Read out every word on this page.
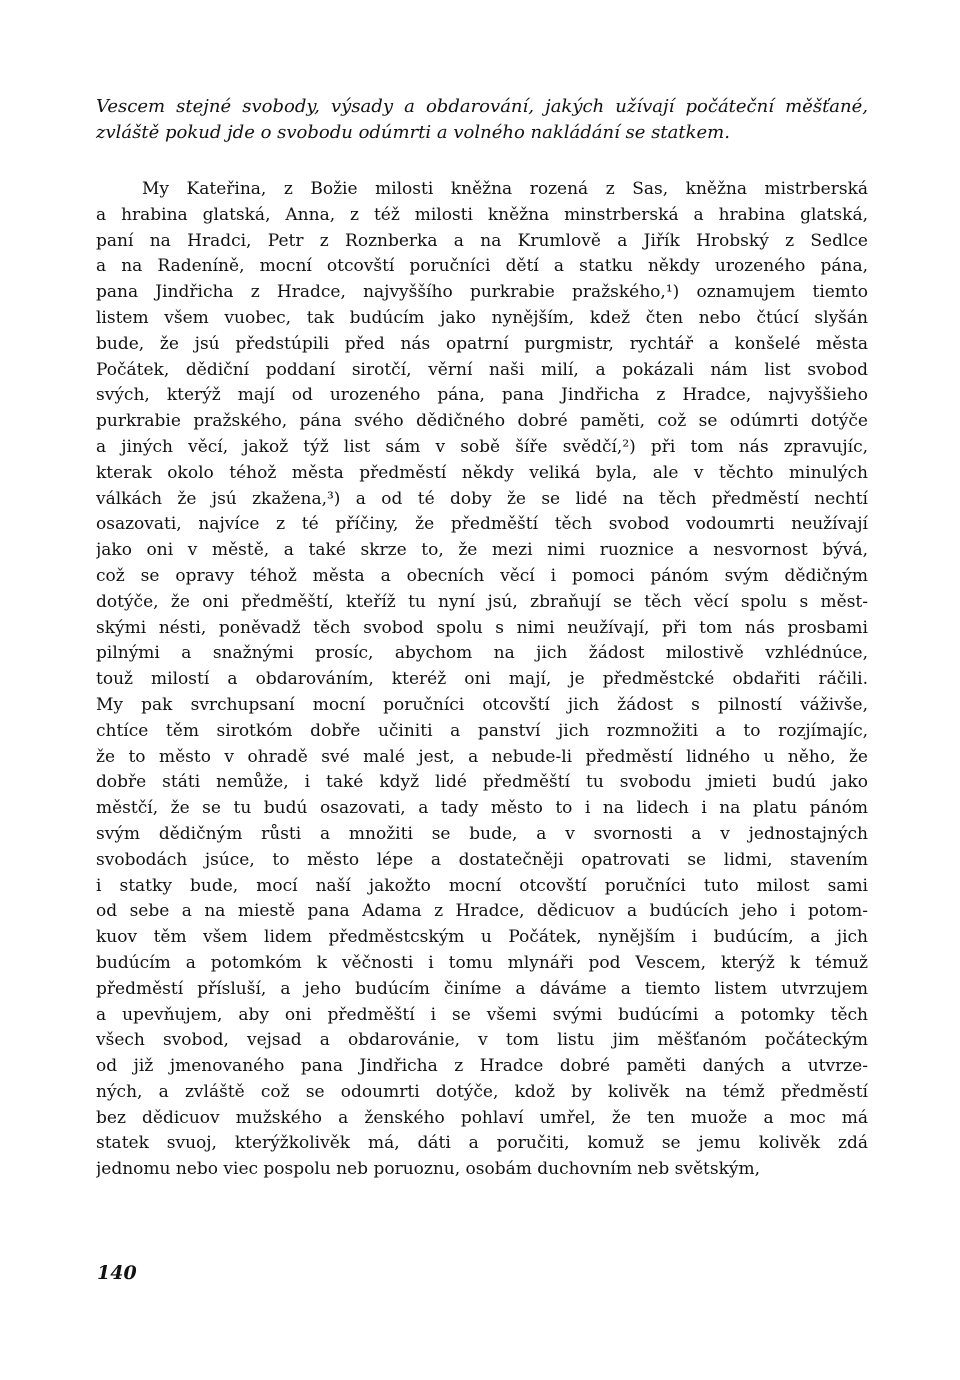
Vescem stejné svobody, výsady a obdarování, jakých užívají počáteční měšťané,
zvláště pokud jde o svobodu odúmrti a volného nakládání se statkem.
My Kateřina, z Božie milosti kněžna rozená z Sas, kněžna mistrberská
a hrabina glatská, Anna, z též milosti kněžna minstrberská a hrabina glatská,
paní na Hradci, Petr z Roznberka a na Krumlově a Jiřík Hrobský z Sedlce
a na Radeníně, mocní otcovští poručníci dětí a statku někdy urozeného pána,
pana Jindřicha z Hradce, najvyššího purkrabie pražského,¹) oznamujem tiemto
listem všem vuobec, tak budúcím jako nynějším, kdež čten nebo čtúcí slyšán
bude, že jsú předstúpili před nás opatrní purgmistr, rychtář a konšelé města
Počátek, dědiční poddaní sirotčí, věrní naši milí, a pokázali nám list svobod
svých, kterýž mají od urozeného pána, pana Jindřicha z Hradce, najvyššieho
purkrabie pražského, pána svého dědičného dobré paměti, což se odúmrti dotýče
a jiných věcí, jakož týž list sám v sobě šíře svědčí,²) při tom nás zpravujíc,
kterak okolo téhož města předměstí někdy veliká byla, ale v těchto minulých
válkách že jsú zkažena,³) a od té doby že se lidé na těch předměstí nechtí
osazovati, najvíce z té příčiny, že předměští těch svobod vodoumrti neužívají
jako oni v městě, a také skrze to, že mezi nimi ruoznice a nesvornost bývá,
což se opravy téhož města a obecních věcí i pomoci pánóm svým dědičným
dotýče, že oni předměští, kteříž tu nyní jsú, zbraňují se těch věcí spolu s měst-
skými nésti, poněvadž těch svobod spolu s nimi neužívají, při tom nás prosbami
pilnými a snažnými prosíc, abychom na jich žádost milostivě vzhlédnúce,
touž milostí a obdarováním, kteréž oni mají, je předměstcké obdařiti ráčili.
My pak svrchupsaní mocní poručníci otcovští jich žádost s pilností váživše,
chtíce těm sirotkóm dobře učiniti a panství jich rozmnožiti a to rozjímajíc,
že to město v ohradě své malé jest, a nebude-li předměstí lidného u něho, že
dobře státi nemůže, i také když lidé předměští tu svobodu jmieti budú jako
městčí, že se tu budú osazovati, a tady město to i na lidech i na platu pánóm
svým dědičným růsti a množiti se bude, a v svornosti a v jednostajných
svobodách jsúce, to město lépe a dostatečněji opatrovati se lidmi, stavením
i statky bude, mocí naší jakožto mocní otcovští poručníci tuto milost sami
od sebe a na miestě pana Adama z Hradce, dědicuov a budúcích jeho i potom-
kuov těm všem lidem předměstcským u Počátek, nynějším i budúcím, a jich
budúcím a potomkóm k věčnosti i tomu mlynáři pod Vescem, kterýž k témuž
předměstí přísluší, a jeho budúcím činíme a dáváme a tiemto listem utvrzujem
a upevňujem, aby oni předměští i se všemi svými budúcími a potomky těch
všech svobod, vejsad a obdarovánie, v tom listu jim měšťanóm počáteckým
od již jmenovaného pana Jindřicha z Hradce dobré paměti daných a utvrze-
ných, a zvláště což se odoumrti dotýče, kdož by kolivěk na témž předměstí
bez dědicuov mužského a ženského pohlaví umřel, že ten muože a moc má
statek svuoj, kterýžkolivěk má, dáti a poručiti, komuž se jemu kolivěk zdá
jednomu nebo viec pospolu neb poruoznu, osobám duchovním neb světským,
140
